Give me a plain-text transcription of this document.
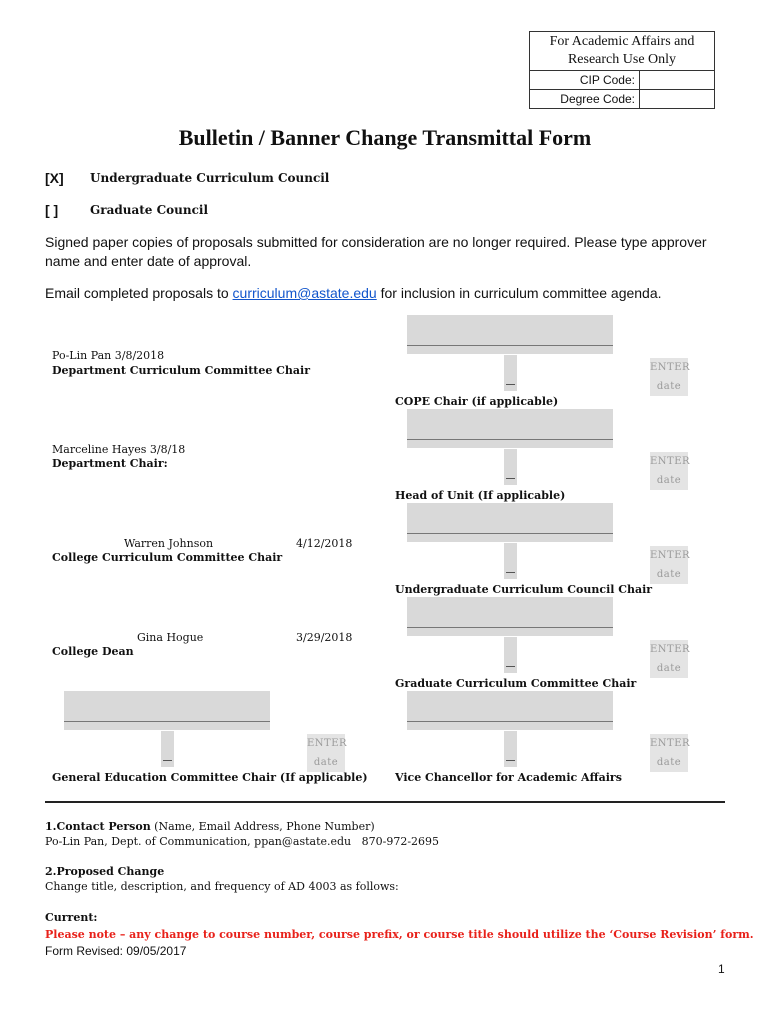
For Academic Affairs and
Research Use Only
CIP Code:
Degree Code:
Bulletin / Banner Change Transmittal Form
[X] Undergraduate Curriculum Council
[ ]	Graduate Council
Signed paper copies of proposals submitted for consideration are no longer required. Please type approver
name and enter date of approval.
Email completed proposals to curriculum@astate.edu for inclusion in curriculum committee agenda.
Po-Lin Pan 3/8/2018
Department Curriculum Committee Chair
Marceline Hayes 3/8/18
Department Chair:
Warren Johnson	4/12/2018
College Curriculum Committee Chair
Gina Hogue	3/29/2018
College Dean
ENTER
date
General Education Committee Chair (If applicable)
ENTER
date
COPE Chair (if applicable)
ENTER
date
Head of Unit (If applicable)
ENTER
date
Undergraduate Curriculum Council Chair
ENTER
date
Graduate Curriculum Committee Chair
ENTER
date
Vice Chancellor for Academic Affairs
1.Contact Person (Name, Email Address, Phone Number)
Po-Lin Pan, Dept. of Communication, ppan@astate.edu   870-972-2695
2.Proposed Change
Change title, description, and frequency of AD 4003 as follows:
Current:
Please note – any change to course number, course prefix, or course title should utilize the ‘Course Revision’ form.
Form Revised: 09/05/2017
1
